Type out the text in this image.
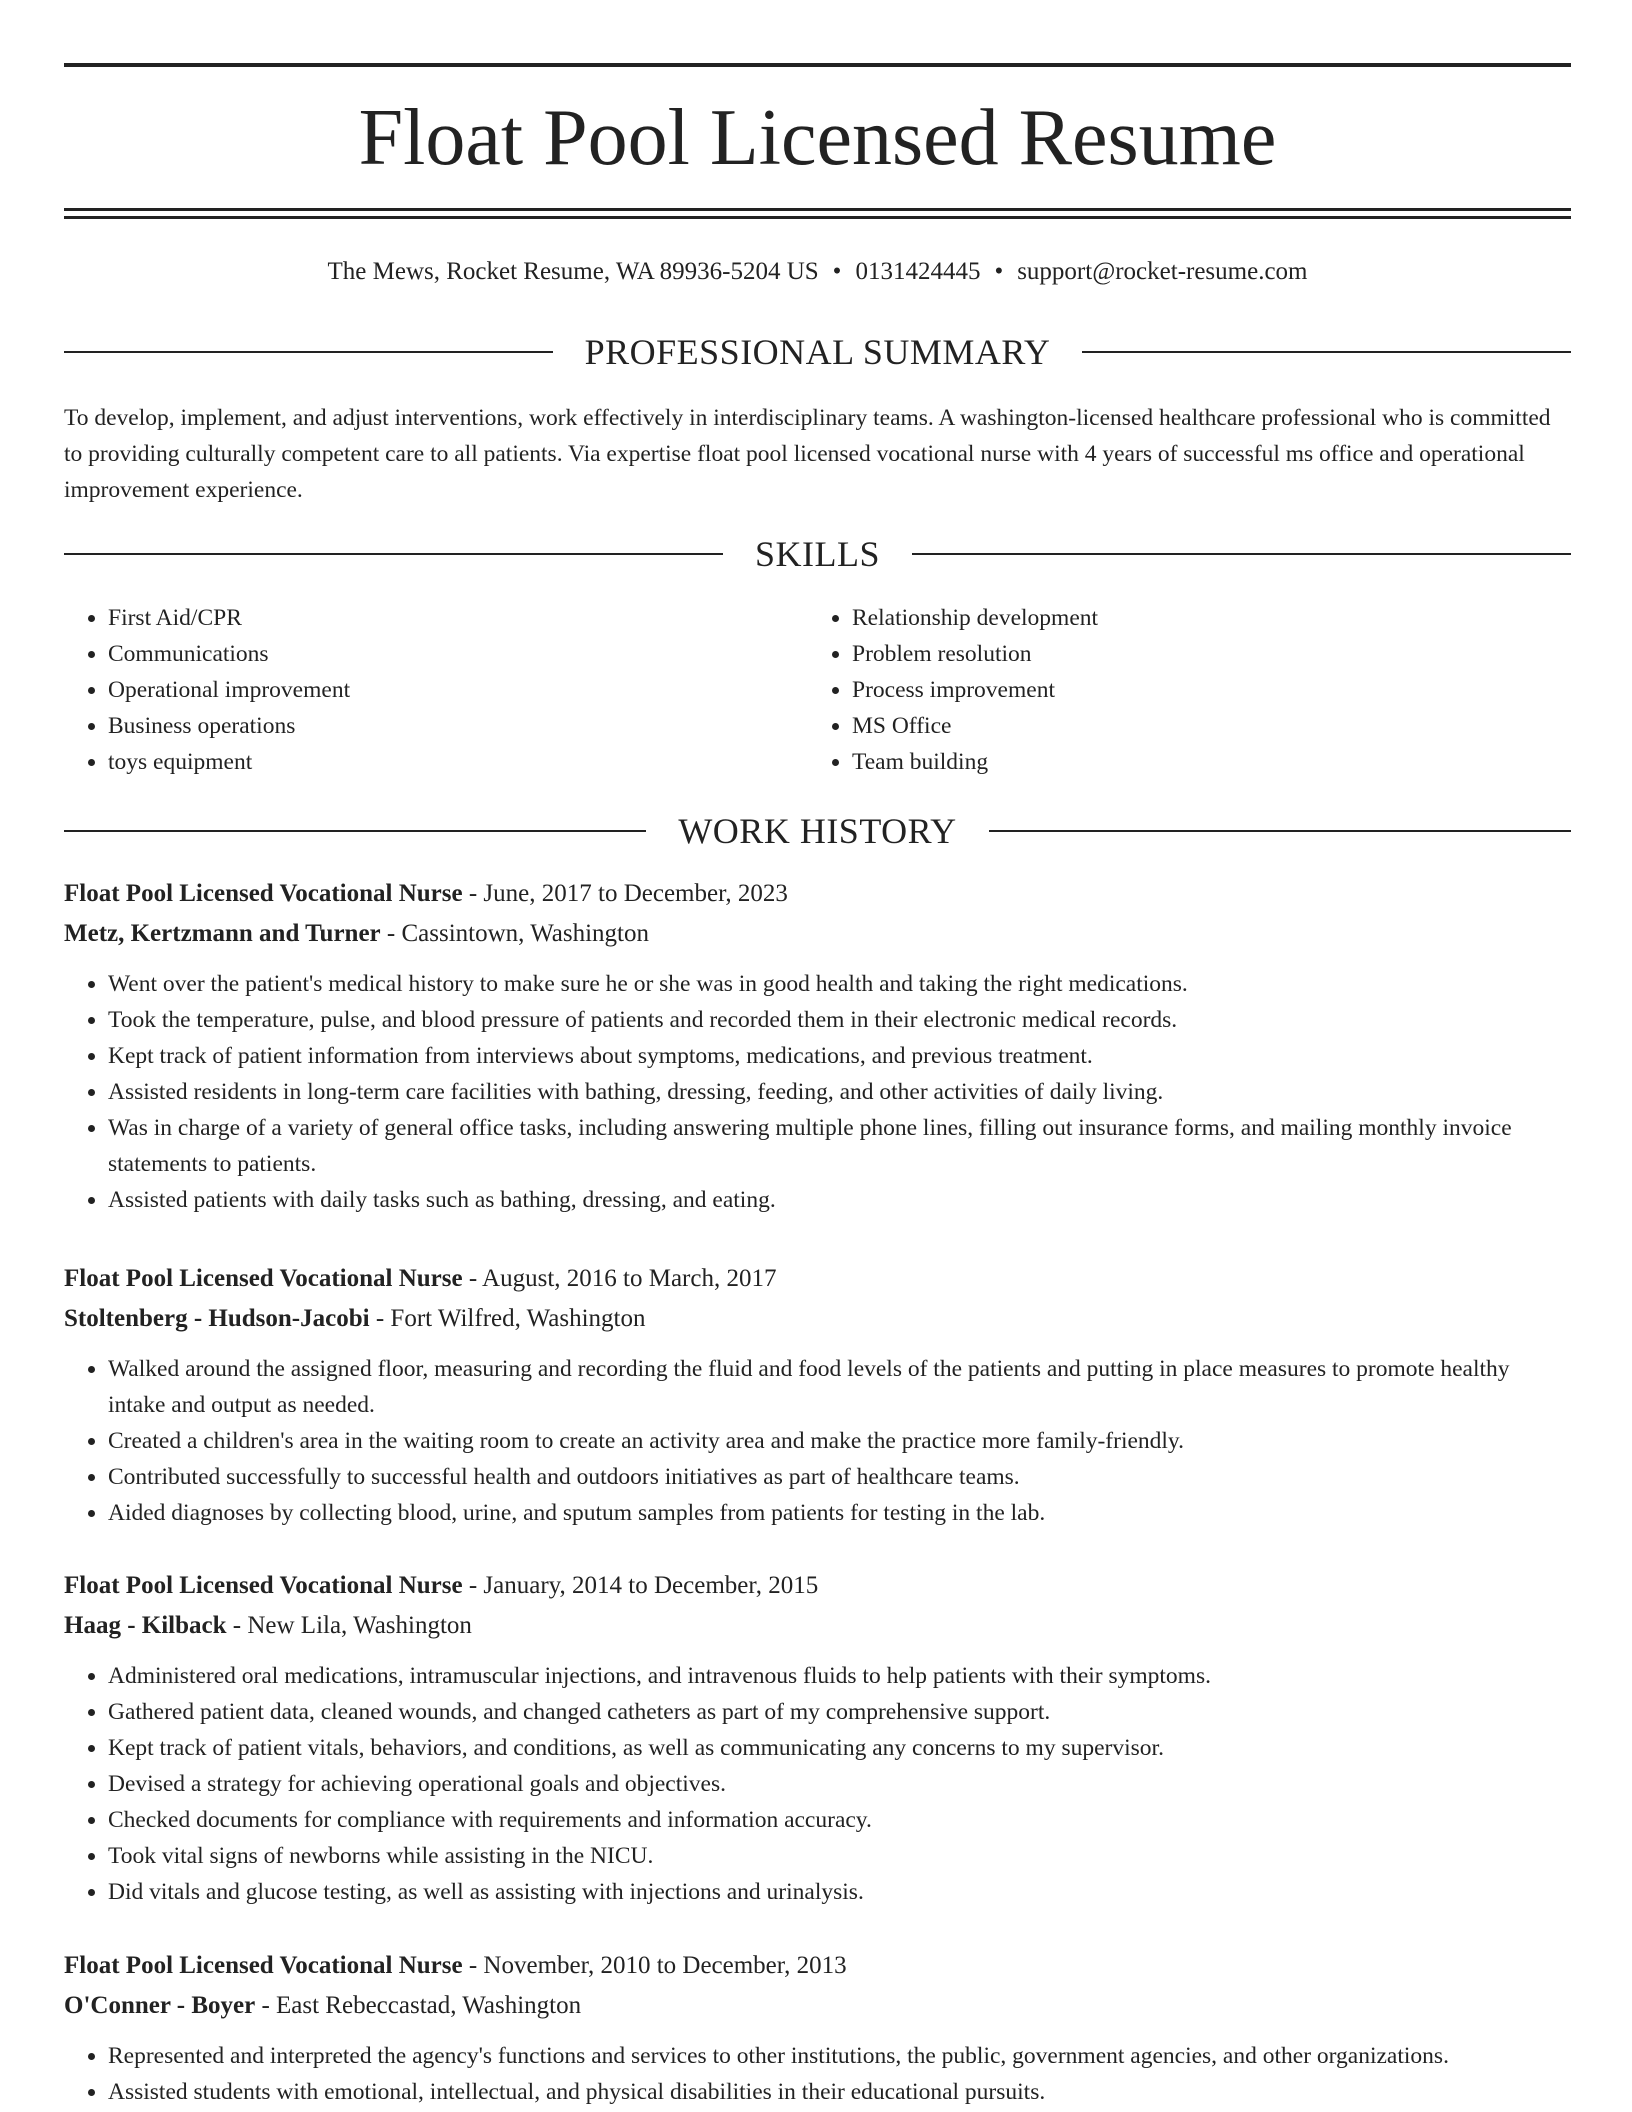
Float Pool Licensed Resume
The Mews, Rocket Resume, WA 89936-5204 US • 0131424445 • support@rocket-resume.com
PROFESSIONAL SUMMARY

To develop, implement, and adjust interventions, work effectively in interdisciplinary teams. A washington-licensed healthcare professional who is committed to providing culturally competent care to all patients. Via expertise float pool licensed vocational nurse with 4 years of successful ms office and operational improvement experience.

SKILLS
• First Aid/CPR
• Communications
• Operational improvement
• Business operations
• toys equipment
• Relationship development
• Problem resolution
• Process improvement
• MS Office
• Team building
WORK HISTORY

Float Pool Licensed Vocational Nurse - June, 2017 to December, 2023

Metz, Kertzmann and Turner - Cassintown, Washington

• Went over the patient's medical history to make sure he or she was in good health and taking the right medications.
• Took the temperature, pulse, and blood pressure of patients and recorded them in their electronic medical records.
• Kept track of patient information from interviews about symptoms, medications, and previous treatment.
• Assisted residents in long-term care facilities with bathing, dressing, feeding, and other activities of daily living.
• Was in charge of a variety of general office tasks, including answering multiple phone lines, filling out insurance forms, and mailing monthly invoice statements to patients.
• Assisted patients with daily tasks such as bathing, dressing, and eating.

Float Pool Licensed Vocational Nurse - August, 2016 to March, 2017

Stoltenberg - Hudson-Jacobi - Fort Wilfred, Washington

• Walked around the assigned floor, measuring and recording the fluid and food levels of the patients and putting in place measures to promote healthy intake and output as needed.
• Created a children's area in the waiting room to create an activity area and make the practice more family-friendly.
• Contributed successfully to successful health and outdoors initiatives as part of healthcare teams.
• Aided diagnoses by collecting blood, urine, and sputum samples from patients for testing in the lab.

Float Pool Licensed Vocational Nurse - January, 2014 to December, 2015

Haag - Kilback - New Lila, Washington

• Administered oral medications, intramuscular injections, and intravenous fluids to help patients with their symptoms.
• Gathered patient data, cleaned wounds, and changed catheters as part of my comprehensive support.
• Kept track of patient vitals, behaviors, and conditions, as well as communicating any concerns to my supervisor.
• Devised a strategy for achieving operational goals and objectives.
• Checked documents for compliance with requirements and information accuracy.
• Took vital signs of newborns while assisting in the NICU.
• Did vitals and glucose testing, as well as assisting with injections and urinalysis.

Float Pool Licensed Vocational Nurse - November, 2010 to December, 2013

O'Conner - Boyer - East Rebeccastad, Washington

• Represented and interpreted the agency's functions and services to other institutions, the public, government agencies, and other organizations.
• Assisted students with emotional, intellectual, and physical disabilities in their educational pursuits.
